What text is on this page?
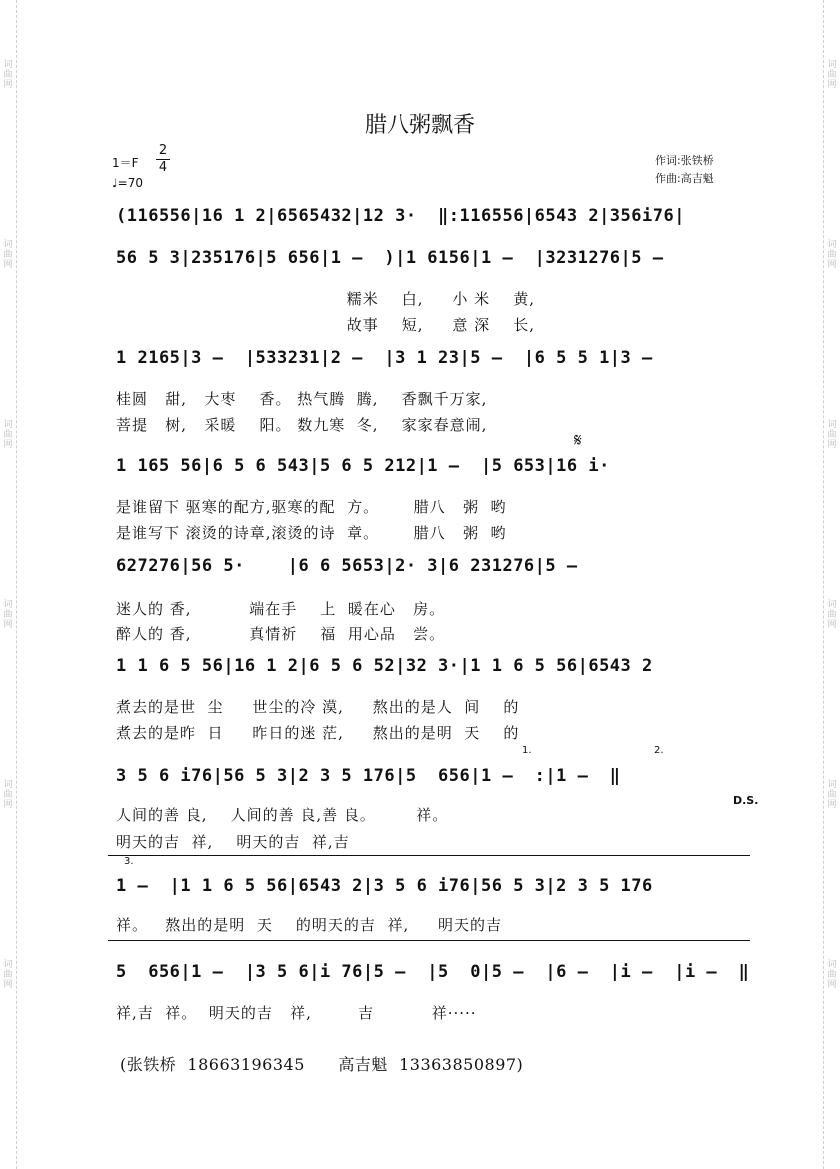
词曲网
词曲网
词曲网
词曲网
词曲网
词曲网
词曲网
词曲网
词曲网
词曲网
词曲网
词曲网
腊八粥飘香
1＝F
2
4
♩=70
作词:张铁桥
作曲:高吉魁
(116556|16 1 2|6565432|12 3·  ‖:116556|6543 2|356i76|
56 5 3|235176|5 656|1 –  )|1 6156|1 –  |3231276|5 –
糯米    白,     小 米    黄,
故事    短,     意 深    长,
1 2165|3 –  |533231|2 –  |3 1 23|5 –  |6 5 5 1|3 –
桂圆   甜,   大枣    香。 热气腾  腾,    香飘千万家,
菩提   树,   采暖    阳。 数九寒  冬,    家家春意闹,
𝄋
1 165 56|6 5 6 543|5 6 5 212|1 –  |5 653|16 i·
是谁留下 驱寒的配方,驱寒的配  方。      腊八   粥  哟
是谁写下 滚烫的诗章,滚烫的诗  章。      腊八   粥  哟
627276|56 5·    |6 6 5653|2· 3|6 231276|5 –
迷人的 香,          端在手    上  暖在心   房。
醉人的 香,          真情祈    福  用心品   尝。
1 1 6 5 56|16 1 2|6 5 6 52|32 3·|1 1 6 5 56|6543 2
煮去的是世  尘     世尘的冷 漠,     熬出的是人  间    的
煮去的是昨  日     昨日的迷 茫,     熬出的是明  天    的
1.	2.
3 5 6 i76|56 5 3|2 3 5 176|5  656|1 –  :|1 –  ‖
D.S.
人间的善 良,    人间的善 良,善 良。       祥。
明天的吉  祥,    明天的吉  祥,吉
3.
1 –  |1 1 6 5 56|6543 2|3 5 6 i76|56 5 3|2 3 5 176
祥。   熬出的是明  天    的明天的吉  祥,     明天的吉
5  656|1 –  |3 5 6|i 76|5 –  |5  0|5 –  |6 –  |i –  |i –  ‖
祥,吉  祥。  明天的吉   祥,        吉          祥·····
(张铁桥  18663196345      高吉魁  13363850897)
